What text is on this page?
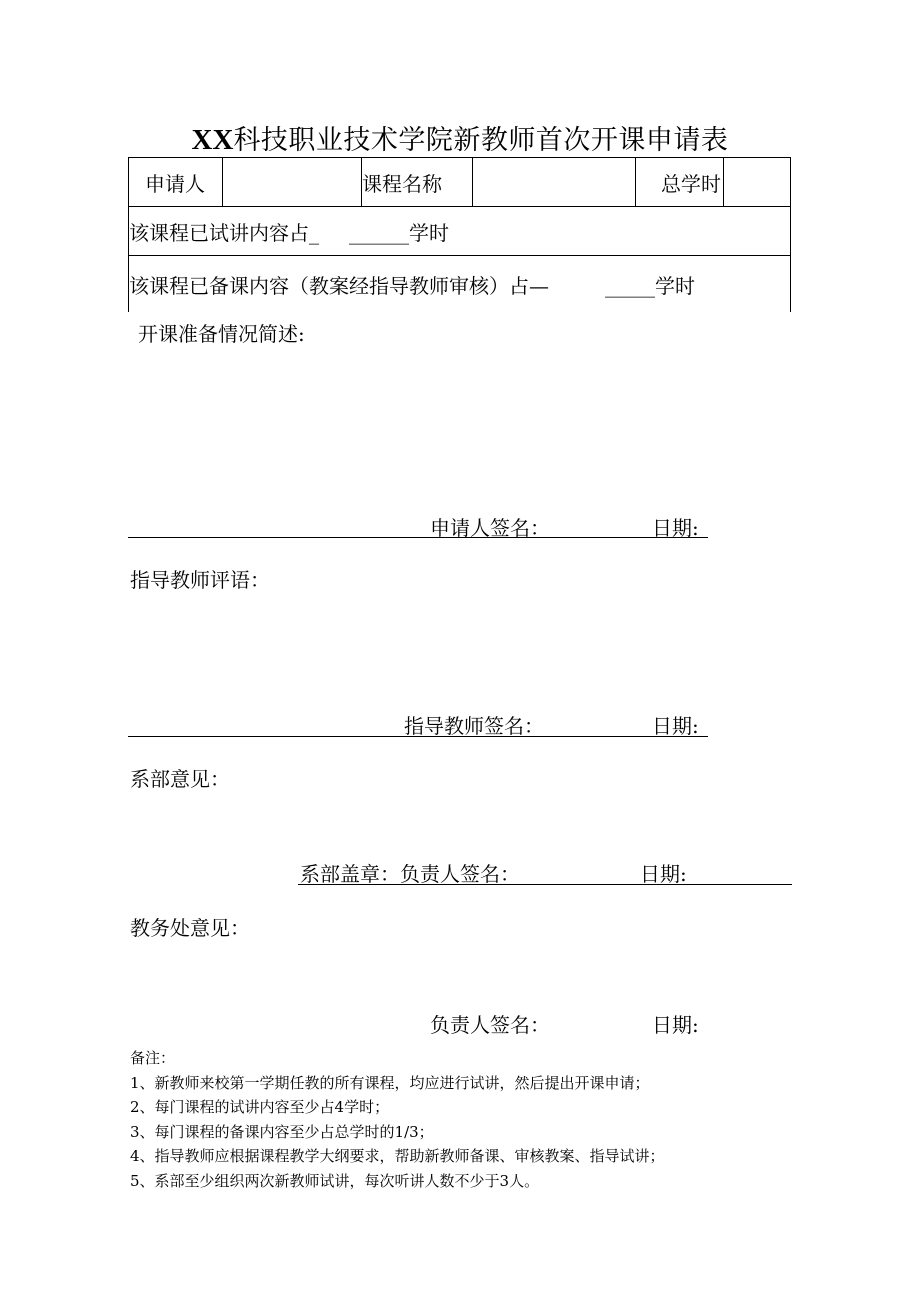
XX科技职业技术学院新教师首次开课申请表
申请人		课程名称		总学时	
该课程已试讲内容占_ ______学时
该课程已备课内容（教案经指导教师审核）占—	_____学时
开课准备情况简述:
申请人签名：	日期:
指导教师评语：
指导教师签名：	日期:
系部意见：
系部盖章：负责人签名：	日期:
教务处意见：
负责人签名：	日期:
备注：
1、新教师来校第一学期任教的所有课程，均应进行试讲，然后提出开课申请；
2、每门课程的试讲内容至少占4学时；
3、每门课程的备课内容至少占总学时的1/3；
4、指导教师应根据课程教学大纲要求，帮助新教师备课、审核教案、指导试讲；
5、系部至少组织两次新教师试讲，每次听讲人数不少于3人。
